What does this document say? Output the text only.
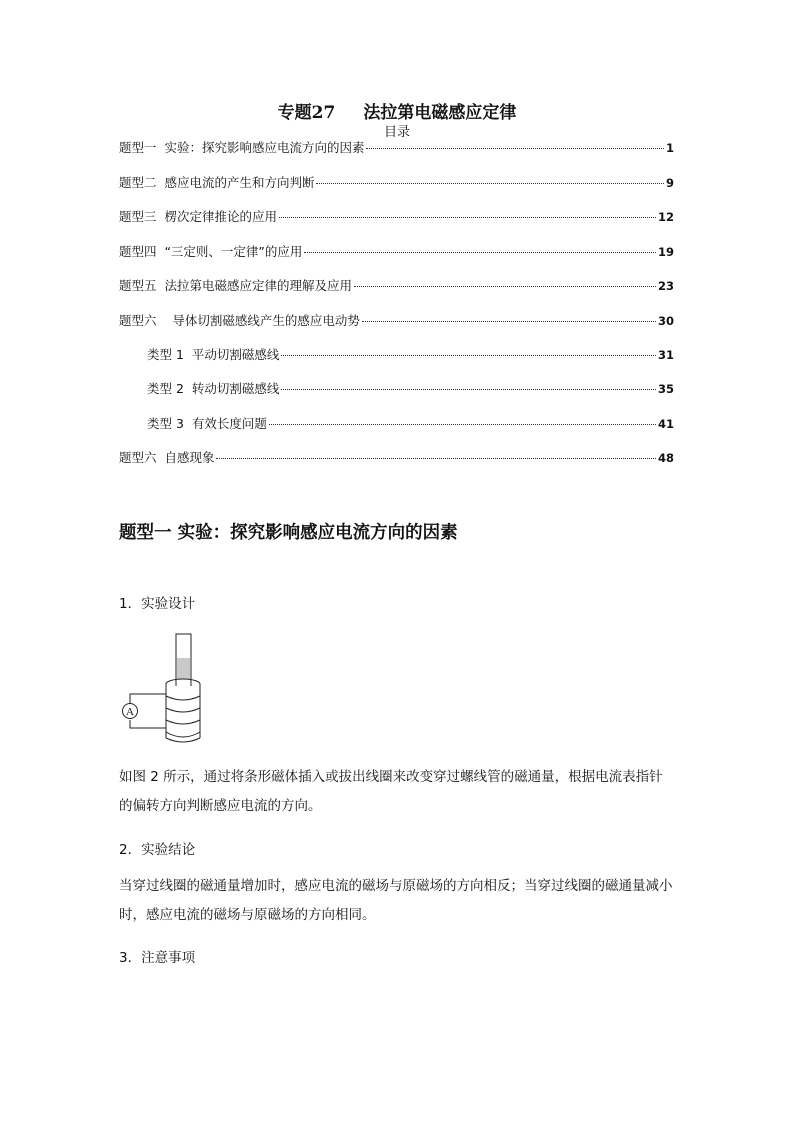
专题27 法拉第电磁感应定律
目录
题型一  实验：探究影响感应电流方向的因素	1
题型二  感应电流的产生和方向判断	9
题型三  楞次定律推论的应用	12
题型四  “三定则、一定律”的应用	19
题型五  法拉第电磁感应定律的理解及应用	23
题型六    导体切割磁感线产生的感应电动势	30
类型 1  平动切割磁感线	31
类型 2  转动切割磁感线	35
类型 3  有效长度问题	41
题型六  自感现象	48
题型一 实验：探究影响感应电流方向的因素
1．实验设计
A
如图 2 所示，通过将条形磁体插入或拔出线圈来改变穿过螺线管的磁通量，根据电流表指针的偏转方向判断感应电流的方向。
2．实验结论
当穿过线圈的磁通量增加时，感应电流的磁场与原磁场的方向相反；当穿过线圈的磁通量减小时，感应电流的磁场与原磁场的方向相同。
3．注意事项
